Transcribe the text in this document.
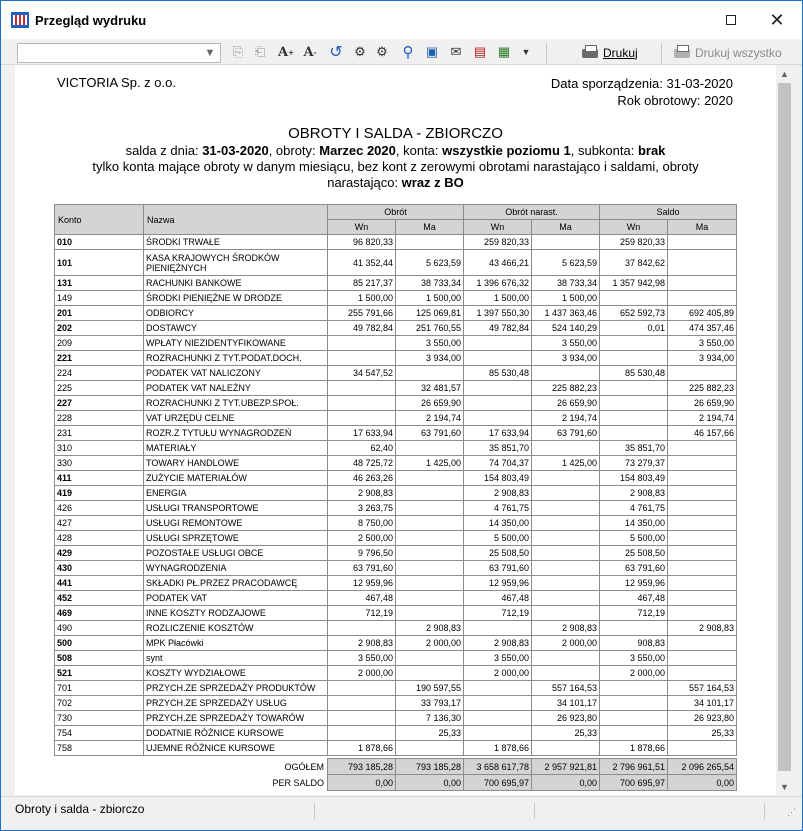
Przegląd wydruku	✕
▼ ⎘ ⎗ A + A - ↺ ⚙ ⚙ ⚲ ▣ ✉ ▤ ▦	▼	Drukuj	Drukuj wszystko
VICTORIA Sp. z o.o.	Data sporządzenia: 31-03-2020
Rok obrotowy: 2020
OBROTY I SALDA - ZBIORCZO
salda z dnia: 31-03-2020, obroty: Marzec 2020, konta: wszystkie poziomu 1, subkonta: brak
tylko konta mające obroty w danym miesiącu, bez kont z zerowymi obrotami narastająco i saldami, obroty
narastająco: wraz z BO
Konto	Nazwa	Obrót		Obrót narast.		Saldo	
		Wn	Ma	Wn	Ma	Wn	Ma
010	ŚRODKI TRWAŁE	96 820,33		259 820,33		259 820,33	
101	KASA KRAJOWYCH ŚRODKÓW PIENIĘŻNYCH	41 352,44	5 623,59	43 466,21	5 623,59	37 842,62	
131	RACHUNKI BANKOWE	85 217,37	38 733,34	1 396 676,32	38 733,34	1 357 942,98	
149	ŚRODKI PIENIĘŻNE W DRODZE	1 500,00	1 500,00	1 500,00	1 500,00		
201	ODBIORCY	255 791,66	125 069,81	1 397 550,30	1 437 363,46	652 592,73	692 405,89
202	DOSTAWCY	49 782,84	251 760,55	49 782,84	524 140,29	0,01	474 357,46
209	WPŁATY NIEZIDENTYFIKOWANE		3 550,00		3 550,00		3 550,00
221	ROZRACHUNKI Z TYT.PODAT.DOCH.		3 934,00		3 934,00		3 934,00
224	PODATEK VAT NALICZONY	34 547,52		85 530,48		85 530,48	
225	PODATEK VAT NALEŻNY		32 481,57		225 882,23		225 882,23
227	ROZRACHUNKI Z TYT.UBEZP.SPOŁ.		26 659,90		26 659,90		26 659,90
228	VAT URZĘDU CELNE		2 194,74		2 194,74		2 194,74
231	ROZR.Z TYTUŁU WYNAGRODZEŃ	17 633,94	63 791,60	17 633,94	63 791,60		46 157,66
310	MATERIAŁY	62,40		35 851,70		35 851,70	
330	TOWARY HANDLOWE	48 725,72	1 425,00	74 704,37	1 425,00	73 279,37	
411	ZUŻYCIE MATERIAŁÓW	46 263,26		154 803,49		154 803,49	
419	ENERGIA	2 908,83		2 908,83		2 908,83	
426	USŁUGI TRANSPORTOWE	3 263,75		4 761,75		4 761,75	
427	USŁUGI REMONTOWE	8 750,00		14 350,00		14 350,00	
428	USŁUGI SPRZĘTOWE	2 500,00		5 500,00		5 500,00	
429	POZOSTAŁE USŁUGI OBCE	9 796,50		25 508,50		25 508,50	
430	WYNAGRODZENIA	63 791,60		63 791,60		63 791,60	
441	SKŁADKI PŁ.PRZEZ PRACODAWCĘ	12 959,96		12 959,96		12 959,96	
452	PODATEK VAT	467,48		467,48		467,48	
469	INNE KOSZTY RODZAJOWE	712,19		712,19		712,19	
490	ROZLICZENIE KOSZTÓW		2 908,83		2 908,83		2 908,83
500	MPK Płacówki	2 908,83	2 000,00	2 908,83	2 000,00	908,83	
508	synt	3 550,00		3 550,00		3 550,00	
521	KOSZTY WYDZIAŁOWE	2 000,00		2 000,00		2 000,00	
701	PRZYCH.ZE SPRZEDAŻY PRODUKTÓW		190 597,55		557 164,53		557 164,53
702	PRZYCH.ZE SPRZEDAŻY USŁUG		33 793,17		34 101,17		34 101,17
730	PRZYCH.ZE SPRZEDAŻY TOWARÓW		7 136,30		26 923,80		26 923,80
754	DODATNIE RÓŻNICE KURSOWE		25,33		25,33		25,33
758	UJEMNE RÓŻNICE KURSOWE	1 878,66		1 878,66		1 878,66	

OGÓŁEM		793 185,28	793 185,28	3 658 617,78	2 957 921,81	2 796 961,51	2 096 265,54
PER SALDO		0,00	0,00	700 695,97	0,00	700 695,97	0,00
▲
▼
Obroty i salda - zbiorczo	⋰
